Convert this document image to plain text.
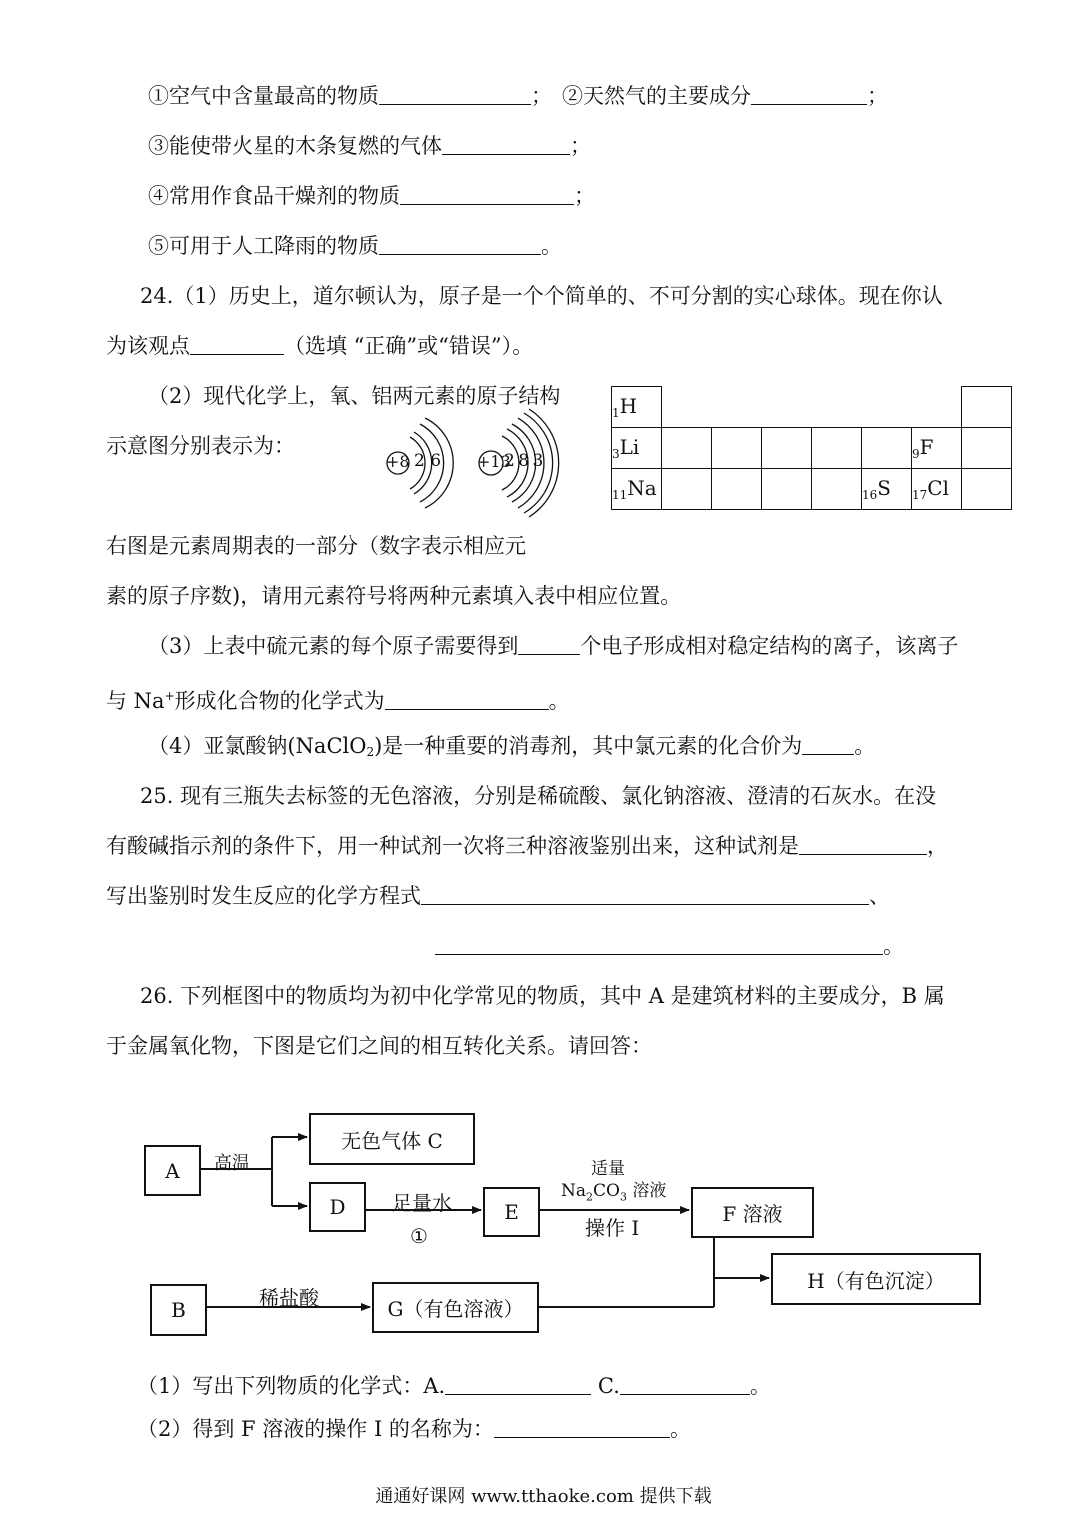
①空气中含量最高的物质	； ②天然气的主要成分	；
③能使带火星的木条复燃的气体	；
④常用作食品干燥剂的物质	；
⑤可用于人工降雨的物质	。
24.（1）历史上，道尔顿认为，原子是一个个简单的、不可分割的实心球体。现在你认
为该观点	（选填 “正确”或“错误”）。
（2）现代化学上，氧、铝两元素的原子结构
示意图分别表示为：
+8 2 6 +13
2 8 3
$_1$H							
$_3$Li						$_9$F	
$_{11}$Na					$_{16}$S	$_{17}$Cl	
右图是元素周期表的一部分（数字表示相应元
素的原子序数)，请用元素符号将两种元素填入表中相应位置。
（3）上表中硫元素的每个原子需要得到	个电子形成相对稳定结构的离子，该离子
与 Na+形成化合物的化学式为	。
（4）亚氯酸钠(NaClO$_2$)是一种重要的消毒剂，其中氯元素的化合价为 。
25. 现有三瓶失去标签的无色溶液，分别是稀硫酸、氯化钠溶液、澄清的石灰水。在没
有酸碱指示剂的条件下，用一种试剂一次将三种溶液鉴别出来，这种试剂是	，
写出鉴别时发生反应的化学方程式	、
。
26. 下列框图中的物质均为初中化学常见的物质，其中 A 是建筑材料的主要成分，B 属
于金属氧化物，下图是它们之间的相互转化关系。请回答：
A
无色气体 C
D	E	F 溶液
B	G（有色溶液）
H（有色沉淀）
高温
足量水
①
适量
$Na_2CO_3$ 溶液
操作 I
稀盐酸
（1）写出下列物质的化学式：A.	C.	。
（2）得到 F 溶液的操作 I 的名称为：	。
通通好课网 www.tthaoke.com 提供下载
